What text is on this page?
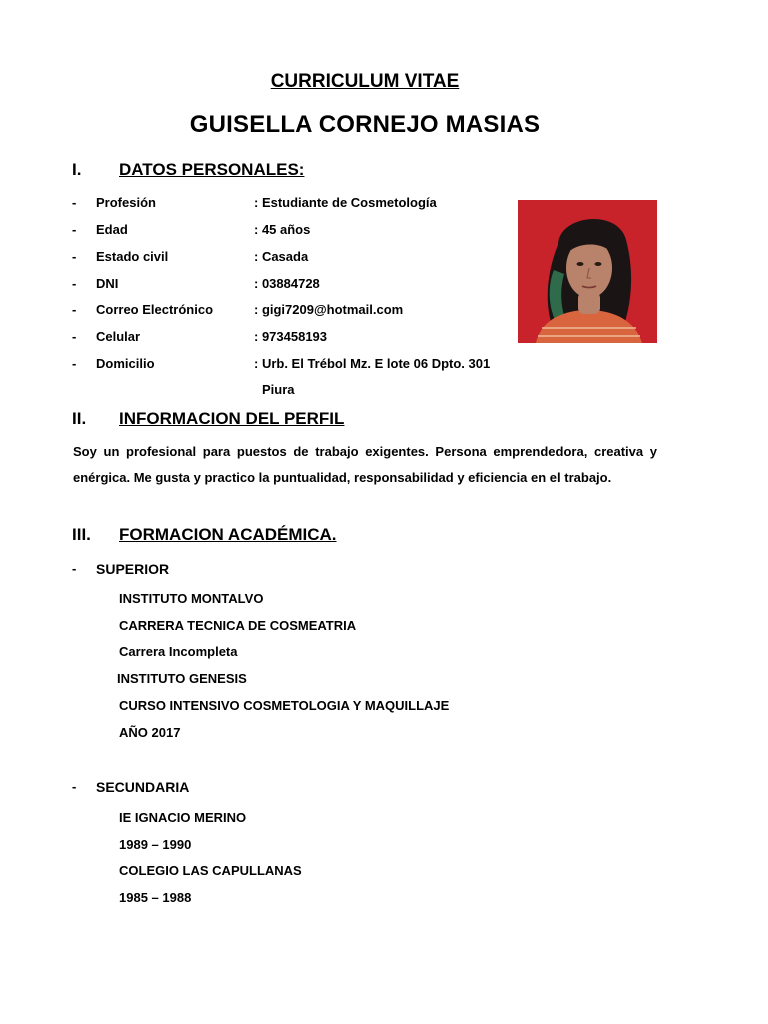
CURRICULUM VITAE
GUISELLA CORNEJO MASIAS
I. DATOS PERSONALES:
- Profesión	: Estudiante de Cosmetología
- Edad	: 45 años
- Estado civil	: Casada
- DNI	: 03884728
- Correo Electrónico	: gigi7209@hotmail.com
- Celular	: 973458193
- Domicilio	: Urb. El Trébol Mz. E lote 06 Dpto. 301
Piura
II. INFORMACION DEL PERFIL
Soy un profesional para puestos de trabajo exigentes. Persona emprendedora, creativa y
enérgica. Me gusta y practico la puntualidad, responsabilidad y eficiencia en el trabajo.
III. FORMACION ACADÉMICA.
- SUPERIOR
INSTITUTO MONTALVO
CARRERA TECNICA DE COSMEATRIA
Carrera Incompleta
INSTITUTO GENESIS
CURSO INTENSIVO COSMETOLOGIA Y MAQUILLAJE
AÑO 2017
- SECUNDARIA
IE IGNACIO MERINO
1989 – 1990
COLEGIO LAS CAPULLANAS
1985 – 1988
